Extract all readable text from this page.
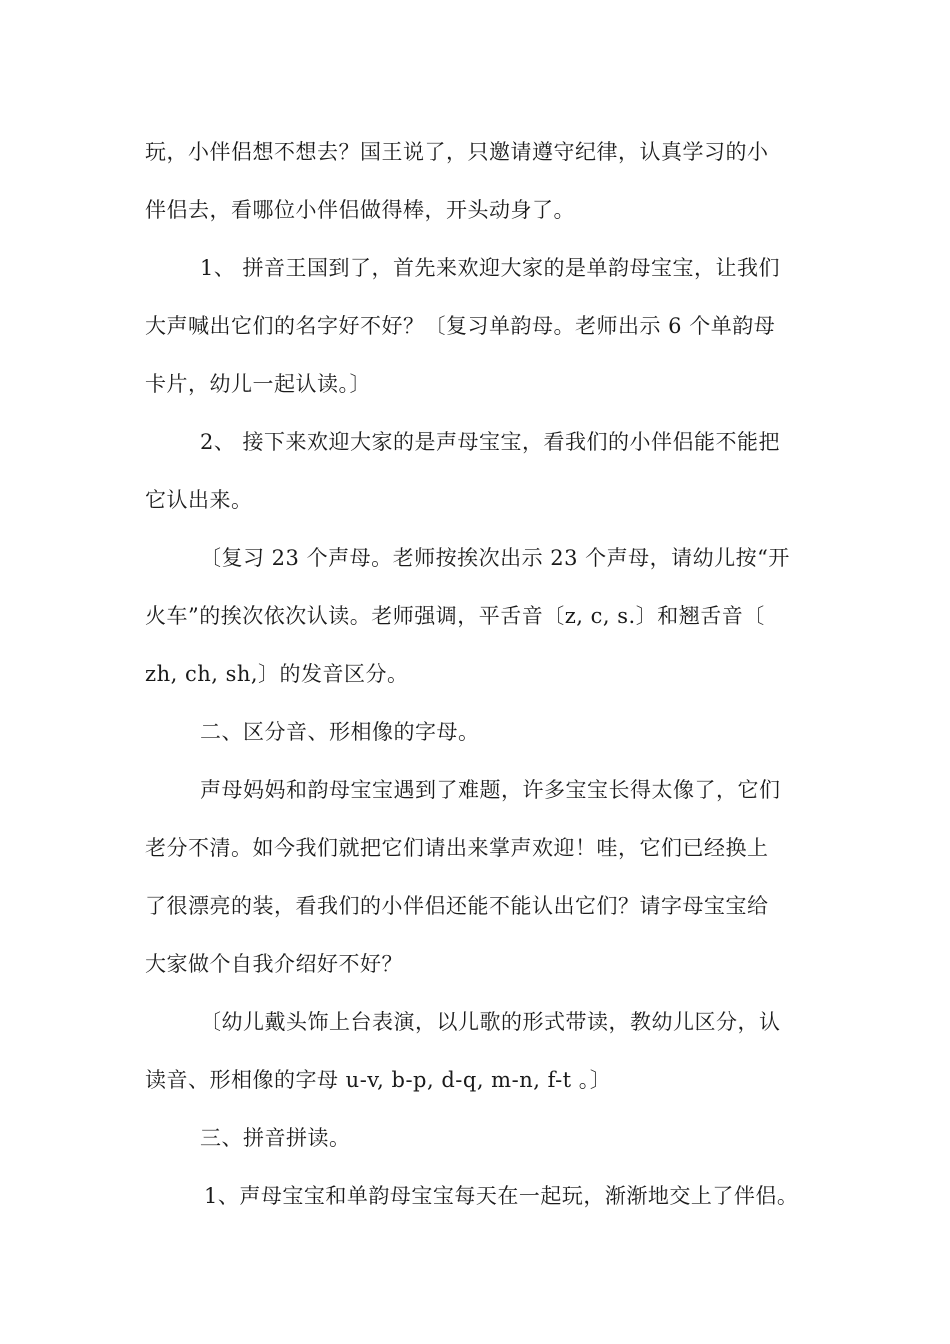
玩，小伴侣想不想去？国王说了，只邀请遵守纪律，认真学习的小
伴侣去，看哪位小伴侣做得棒，开头动身了。
1、 拼音王国到了，首先来欢迎大家的是单韵母宝宝，让我们
大声喊出它们的名字好不好？〔复习单韵母。老师出示 6 个单韵母
卡片，幼儿一起认读。〕
2、 接下来欢迎大家的是声母宝宝，看我们的小伴侣能不能把
它认出来。
〔复习 23 个声母。老师按挨次出示 23 个声母，请幼儿按“开
火车”的挨次依次认读。老师强调，平舌音〔z, c, s.〕和翘舌音〔
zh, ch, sh,〕的发音区分。
二、区分音、形相像的字母。
声母妈妈和韵母宝宝遇到了难题，许多宝宝长得太像了，它们
老分不清。如今我们就把它们请出来掌声欢迎！哇，它们已经换上
了很漂亮的装，看我们的小伴侣还能不能认出它们？请字母宝宝给
大家做个自我介绍好不好？
〔幼儿戴头饰上台表演，以儿歌的形式带读，教幼儿区分，认
读音、形相像的字母 u-v, b-p, d-q, m-n, f-t 。〕
三、拼音拼读。
1、声母宝宝和单韵母宝宝每天在一起玩，渐渐地交上了伴侣。
